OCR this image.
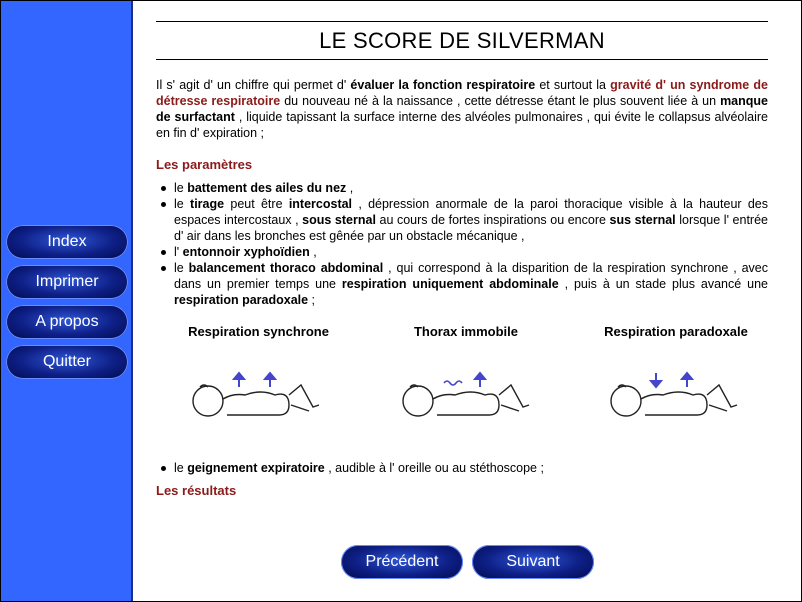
Index
Imprimer
A propos
Quitter
LE SCORE DE SILVERMAN
Il s' agit d' un chiffre qui permet d' évaluer la fonction respiratoire et surtout la gravité d' un syndrome de détresse respiratoire du nouveau né à la naissance , cette détresse étant le plus souvent liée à un manque de surfactant , liquide tapissant la surface interne des alvéoles pulmonaires , qui évite le collapsus alvéolaire en fin d' expiration ;
Les paramètres
le battement des ailes du nez ,
le tirage peut être intercostal , dépression anormale de la paroi thoracique visible à la hauteur des espaces intercostaux , sous sternal au cours de fortes inspirations ou encore sus sternal lorsque l' entrée d' air dans les bronches est gênée par un obstacle mécanique ,
l' entonnoir xyphoïdien ,
le balancement thoraco abdominal , qui correspond à la disparition de la respiration synchrone , avec dans un premier temps une respiration uniquement abdominale , puis à un stade plus avancé une respiration paradoxale ;
Respiration synchrone	Thorax immobile	Respiration paradoxale
le geignement expiratoire , audible à l' oreille ou au stéthoscope ;
Les résultats
Précédent	Suivant
